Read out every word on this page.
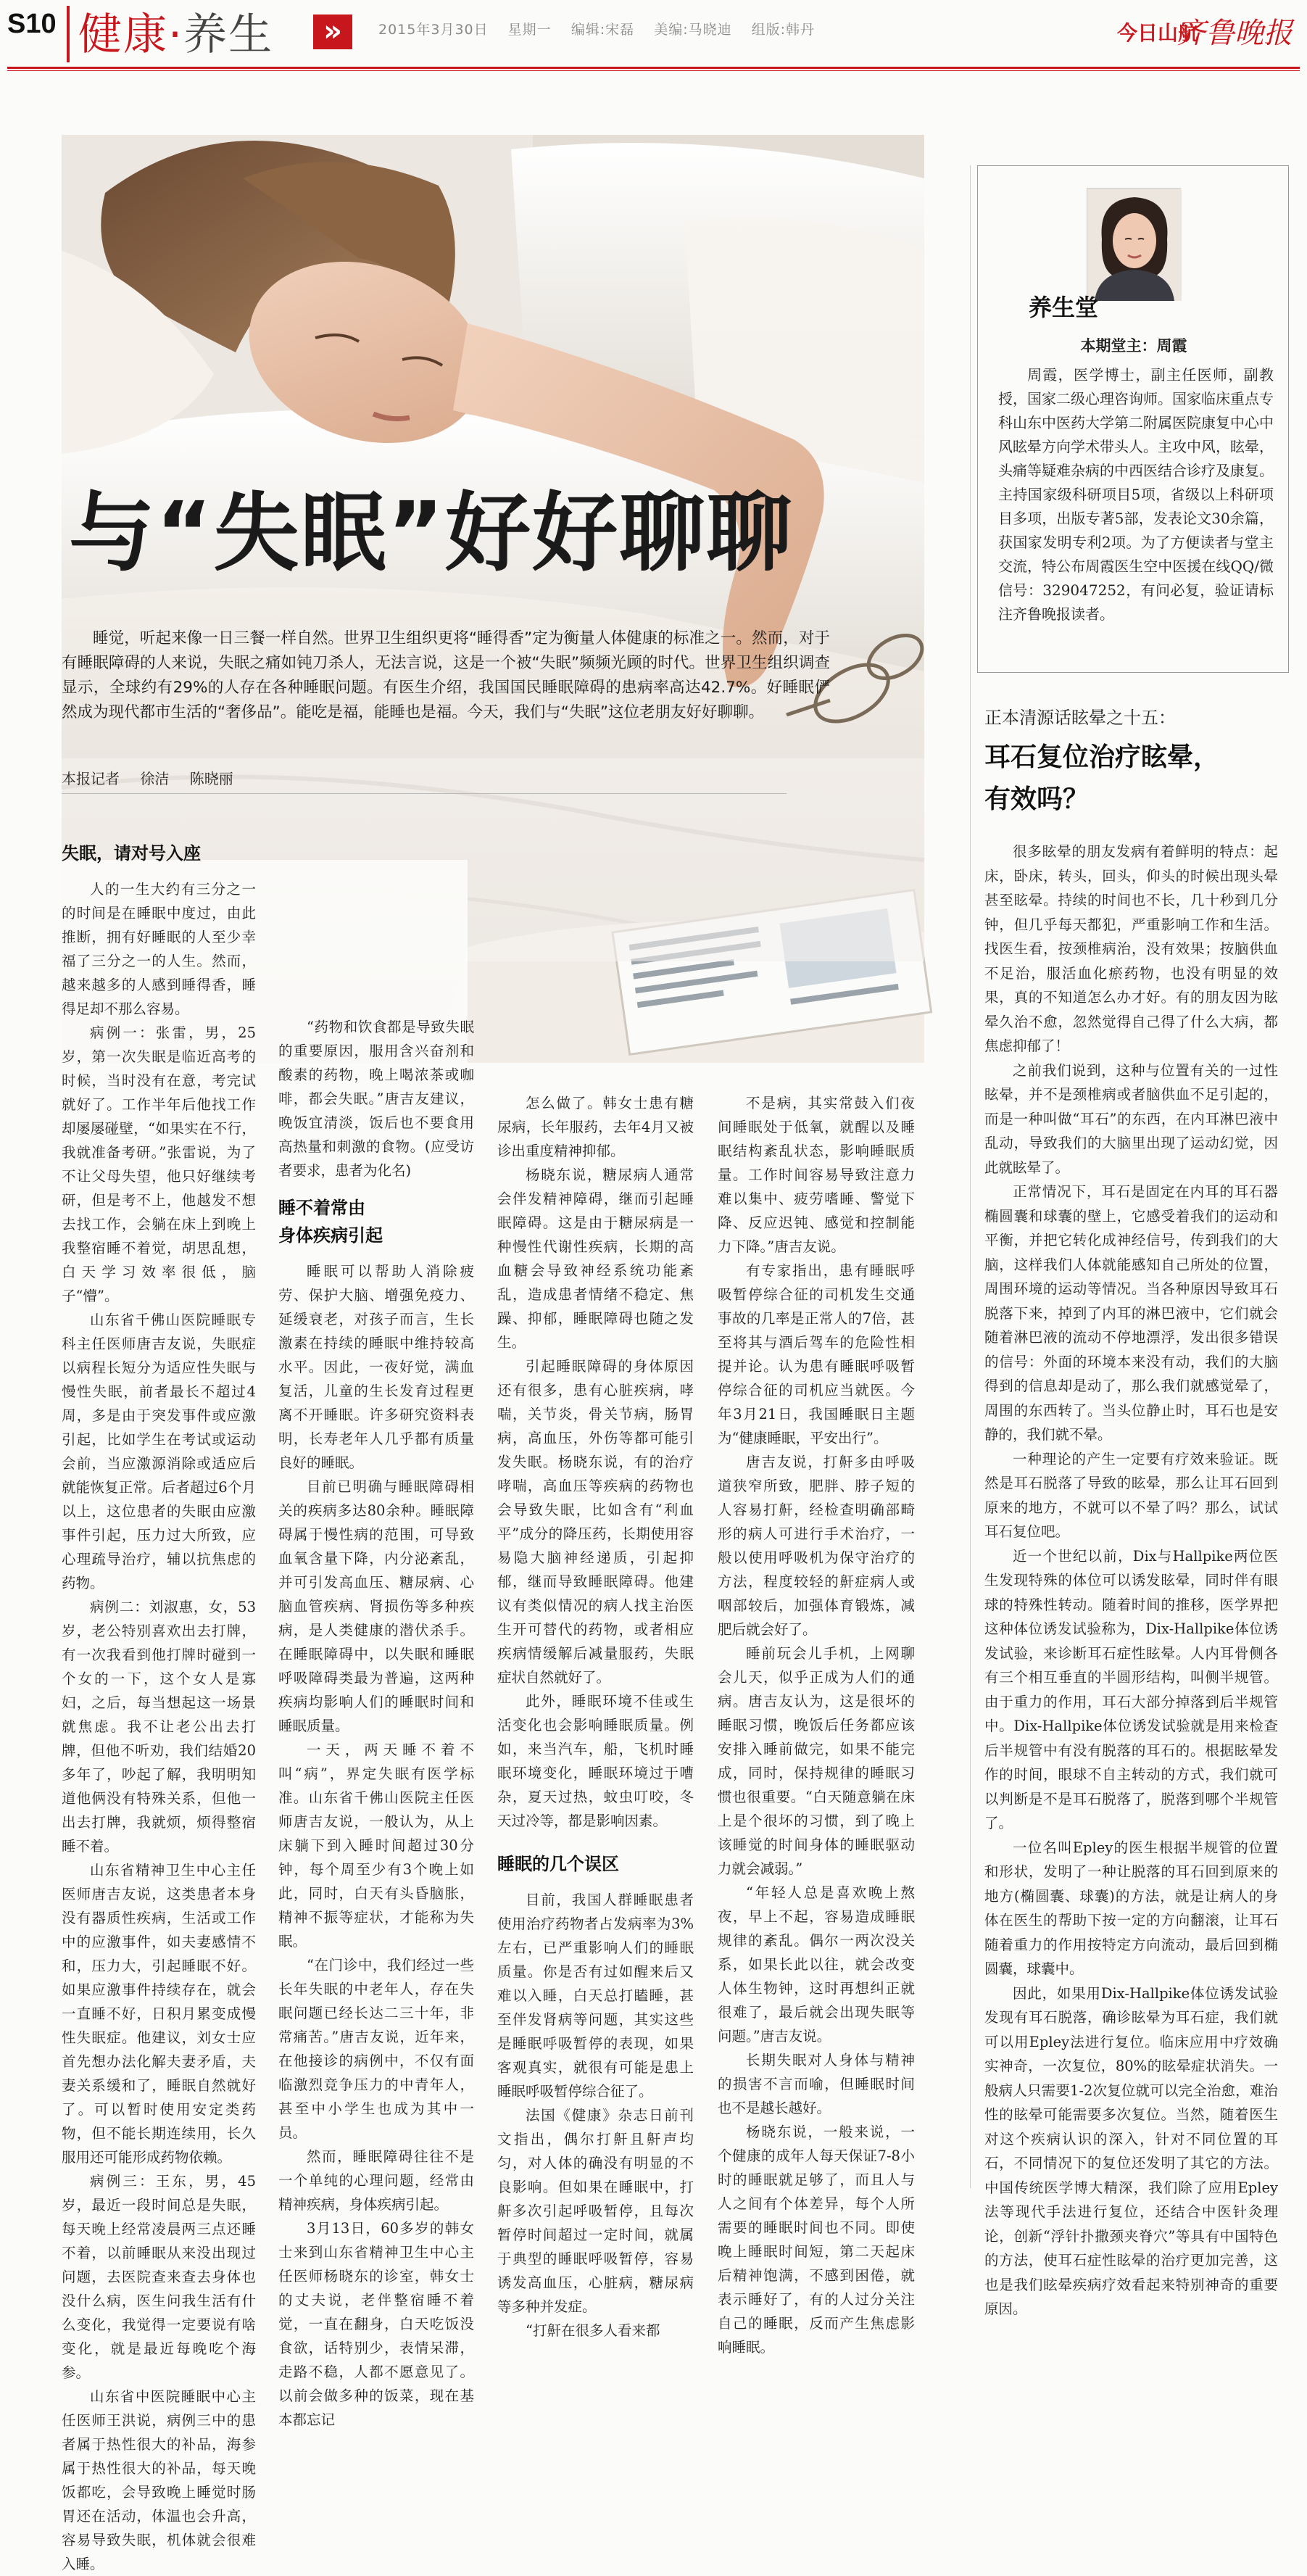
S10 健康·养生	»	2015年3月30日 星期一 编辑:宋磊 美编:马晓迪 组版:韩丹	今日山航
齐鲁晚报
与“失眠”好好聊聊
睡觉，听起来像一日三餐一样自然。世界卫生组织更将“睡得香”定为衡量人体健康的标准之一。然而，对于有睡眠障碍的人来说，失眠之痛如钝刀杀人，无法言说，这是一个被“失眠”频频光顾的时代。世界卫生组织调查显示，全球约有29%的人存在各种睡眠问题。有医生介绍，我国国民睡眠障碍的患病率高达42.7%。好睡眠俨然成为现代都市生活的“奢侈品”。能吃是福，能睡也是福。今天，我们与“失眠”这位老朋友好好聊聊。
本报记者 徐洁 陈晓丽
失眠，请对号入座

人的一生大约有三分之一的时间是在睡眠中度过，由此推断，拥有好睡眠的人至少幸福了三分之一的人生。然而，越来越多的人感到睡得香，睡得足却不那么容易。

病例一：张雷，男，25岁，第一次失眠是临近高考的时候，当时没有在意，考完试就好了。工作半年后他找工作却屡屡碰壁，“如果实在不行，我就准备考研。”张雷说，为了不让父母失望，他只好继续考研，但是考不上，他越发不想去找工作，会躺在床上到晚上我整宿睡不着觉，胡思乱想，白天学习效率很低，脑子“懵”。

山东省千佛山医院睡眠专科主任医师唐吉友说，失眠症以病程长短分为适应性失眠与慢性失眠，前者最长不超过4周，多是由于突发事件或应激引起，比如学生在考试或运动会前，当应激源消除或适应后就能恢复正常。后者超过6个月以上，这位患者的失眠由应激事件引起，压力过大所致，应心理疏导治疗，辅以抗焦虑的药物。

病例二：刘淑惠，女，53岁，老公特别喜欢出去打牌，有一次我看到他打牌时碰到一个女的一下，这个女人是寡妇，之后，每当想起这一场景就焦虑。我不让老公出去打牌，但他不听劝，我们结婚20多年了，吵起了解，我明明知道他俩没有特殊关系，但他一出去打牌，我就烦，烦得整宿睡不着。

山东省精神卫生中心主任医师唐吉友说，这类患者本身没有器质性疾病，生活或工作中的应激事件，如夫妻感情不和，压力大，引起睡眠不好。如果应激事件持续存在，就会一直睡不好，日积月累变成慢性失眠症。他建议，刘女士应首先想办法化解夫妻矛盾，夫妻关系缓和了，睡眠自然就好了。可以暂时使用安定类药物，但不能长期连续用，长久服用还可能形成药物依赖。

病例三：王东，男，45岁，最近一段时间总是失眠，每天晚上经常凌晨两三点还睡不着，以前睡眠从来没出现过问题，去医院查来查去身体也没什么病，医生问我生活有什么变化，我觉得一定要说有啥变化，就是最近每晚吃个海参。

山东省中医院睡眠中心主任医师王洪说，病例三中的患者属于热性很大的补品，海参属于热性很大的补品，每天晚饭都吃，会导致晚上睡觉时肠胃还在活动，体温也会升高，容易导致失眠，机体就会很难入睡。

“药物和饮食都是导致失眠的重要原因，服用含兴奋剂和酸素的药物，晚上喝浓茶或咖啡，都会失眠。”唐吉友建议，晚饭宜清淡，饭后也不要食用高热量和刺激的食物。(应受访者要求，患者为化名)

睡不着常由
身体疾病引起

睡眠可以帮助人消除疲劳、保护大脑、增强免疫力、延缓衰老，对孩子而言，生长激素在持续的睡眠中维持较高水平。因此，一夜好觉，满血复活，儿童的生长发育过程更离不开睡眠。许多研究资料表明，长寿老年人几乎都有质量良好的睡眠。

目前已明确与睡眠障碍相关的疾病多达80余种。睡眠障碍属于慢性病的范围，可导致血氧含量下降，内分泌紊乱，并可引发高血压、糖尿病、心脑血管疾病、肾损伤等多种疾病，是人类健康的潜伏杀手。在睡眠障碍中，以失眠和睡眠呼吸障碍类最为普遍，这两种疾病均影响人们的睡眠时间和睡眠质量。

一天，两天睡不着不叫“病”，界定失眠有医学标准。山东省千佛山医院主任医师唐吉友说，一般认为，从上床躺下到入睡时间超过30分钟，每个周至少有3个晚上如此，同时，白天有头昏脑胀，精神不振等症状，才能称为失眠。

“在门诊中，我们经过一些长年失眠的中老年人，存在失眠问题已经长达二三十年，非常痛苦。”唐吉友说，近年来，在他接诊的病例中，不仅有面临激烈竞争压力的中青年人，甚至中小学生也成为其中一员。

然而，睡眠障碍往往不是一个单纯的心理问题，经常由精神疾病，身体疾病引起。

3月13日，60多岁的韩女士来到山东省精神卫生中心主任医师杨晓东的诊室，韩女士的丈夫说，老伴整宿睡不着觉，一直在翻身，白天吃饭没食欲，话特别少，表情呆滞，走路不稳，人都不愿意见了。以前会做多种的饭菜，现在基本都忘记

怎么做了。韩女士患有糖尿病，长年服药，去年4月又被诊出重度精神抑郁。

杨晓东说，糖尿病人通常会伴发精神障碍，继而引起睡眠障碍。这是由于糖尿病是一种慢性代谢性疾病，长期的高血糖会导致神经系统功能紊乱，造成患者情绪不稳定、焦躁、抑郁，睡眠障碍也随之发生。

引起睡眠障碍的身体原因还有很多，患有心脏疾病，哮喘，关节炎，骨关节病，肠胃病，高血压，外伤等都可能引发失眠。杨晓东说，有的治疗哮喘，高血压等疾病的药物也会导致失眠，比如含有“利血平”成分的降压药，长期使用容易隐大脑神经递质，引起抑郁，继而导致睡眠障碍。他建议有类似情况的病人找主治医生开可替代的药物，或者相应疾病情缓解后减量服药，失眠症状自然就好了。

此外，睡眠环境不佳或生活变化也会影响睡眠质量。例如，来当汽车，船，飞机时睡眠环境变化，睡眠环境过于嘈杂，夏天过热，蚊虫叮咬，冬天过冷等，都是影响因素。

睡眠的几个误区

目前，我国人群睡眠患者使用治疗药物者占发病率为3%左右，已严重影响人们的睡眠质量。你是否有过如醒来后又难以入睡，白天总打瞌睡，甚至伴发肾病等问题，其实这些是睡眠呼吸暂停的表现，如果客观真实，就很有可能是患上睡眠呼吸暂停综合征了。

法国《健康》杂志日前刊文指出，偶尔打鼾且鼾声均匀，对人体的确没有明显的不良影响。但如果在睡眠中，打鼾多次引起呼吸暂停，且每次暂停时间超过一定时间，就属于典型的睡眠呼吸暂停，容易诱发高血压，心脏病，糖尿病等多种并发症。

“打鼾在很多人看来都

不是病，其实常鼓入们夜间睡眠处于低氧，就醒以及睡眠结构紊乱状态，影响睡眠质量。工作时间容易导致注意力难以集中、疲劳嗜睡、警觉下降、反应迟钝、感觉和控制能力下降。”唐吉友说。

有专家指出，患有睡眠呼吸暂停综合征的司机发生交通事故的几率是正常人的7倍，甚至将其与酒后驾车的危险性相提并论。认为患有睡眠呼吸暂停综合征的司机应当就医。今年3月21日，我国睡眠日主题为“健康睡眠，平安出行”。

唐吉友说，打鼾多由呼吸道狭窄所致，肥胖、脖子短的人容易打鼾，经检查明确部畸形的病人可进行手术治疗，一般以使用呼吸机为保守治疗的方法，程度较轻的鼾症病人或咽部较后，加强体育锻炼，减肥后就会好了。

睡前玩会儿手机，上网聊会儿天，似乎正成为人们的通病。唐吉友认为，这是很坏的睡眠习惯，晚饭后任务都应该安排入睡前做完，如果不能完成，同时，保持规律的睡眠习惯也很重要。“白天随意躺在床上是个很坏的习惯，到了晚上该睡觉的时间身体的睡眠驱动力就会减弱。”

“年轻人总是喜欢晚上熬夜，早上不起，容易造成睡眠规律的紊乱。偶尔一两次没关系，如果长此以往，就会改变人体生物钟，这时再想纠正就很难了，最后就会出现失眠等问题。”唐吉友说。

长期失眠对人身体与精神的损害不言而喻，但睡眠时间也不是越长越好。

杨晓东说，一般来说，一个健康的成年人每天保证7-8小时的睡眠就足够了，而且人与人之间有个体差异，每个人所需要的睡眠时间也不同。即使晚上睡眠时间短，第二天起床后精神饱满，不感到困倦，就表示睡好了，有的人过分关注自己的睡眠，反而产生焦虑影响睡眠。

养生堂
本期堂主：周霞
周霞，医学博士，副主任医师，副教授，国家二级心理咨询师。国家临床重点专科山东中医药大学第二附属医院康复中心中风眩晕方向学术带头人。主攻中风，眩晕，头痛等疑难杂病的中西医结合诊疗及康复。主持国家级科研项目5项，省级以上科研项目多项，出版专著5部，发表论文30余篇，获国家发明专利2项。为了方便读者与堂主交流，特公布周霞医生空中医援在线QQ/微信号：329047252，有问必复，验证请标注齐鲁晚报读者。
正本清源话眩晕之十五：
耳石复位治疗眩晕，
有效吗？

很多眩晕的朋友发病有着鲜明的特点：起床，卧床，转头，回头，仰头的时候出现头晕甚至眩晕。持续的时间也不长，几十秒到几分钟，但几乎每天都犯，严重影响工作和生活。找医生看，按颈椎病治，没有效果；按脑供血不足治，服活血化瘀药物，也没有明显的效果，真的不知道怎么办才好。有的朋友因为眩晕久治不愈，忽然觉得自己得了什么大病，都焦虑抑郁了！

之前我们说到，这种与位置有关的一过性眩晕，并不是颈椎病或者脑供血不足引起的，而是一种叫做“耳石”的东西，在内耳淋巴液中乱动，导致我们的大脑里出现了运动幻觉，因此就眩晕了。

正常情况下，耳石是固定在内耳的耳石器椭圆囊和球囊的壁上，它感受着我们的运动和平衡，并把它转化成神经信号，传到我们的大脑，这样我们人体就能感知自己所处的位置，周围环境的运动等情况。当各种原因导致耳石脱落下来，掉到了内耳的淋巴液中，它们就会随着淋巴液的流动不停地漂浮，发出很多错误的信号：外面的环境本来没有动，我们的大脑得到的信息却是动了，那么我们就感觉晕了，周围的东西转了。当头位静止时，耳石也是安静的，我们就不晕。

一种理论的产生一定要有疗效来验证。既然是耳石脱落了导致的眩晕，那么让耳石回到原来的地方，不就可以不晕了吗？那么，试试耳石复位吧。

近一个世纪以前，Dix与Hallpike两位医生发现特殊的体位可以诱发眩晕，同时伴有眼球的特殊性转动。随着时间的推移，医学界把这种体位诱发试验称为，Dix-Hallpike体位诱发试验，来诊断耳石症性眩晕。人内耳骨侧各有三个相互垂直的半圆形结构，叫侧半规管。由于重力的作用，耳石大部分掉落到后半规管中。Dix-Hallpike体位诱发试验就是用来检查后半规管中有没有脱落的耳石的。根据眩晕发作的时间，眼球不自主转动的方式，我们就可以判断是不是耳石脱落了，脱落到哪个半规管了。

一位名叫Epley的医生根据半规管的位置和形状，发明了一种让脱落的耳石回到原来的地方(椭圆囊、球囊)的方法，就是让病人的身体在医生的帮助下按一定的方向翻滚，让耳石随着重力的作用按特定方向流动，最后回到椭圆囊，球囊中。

因此，如果用Dix-Hallpike体位诱发试验发现有耳石脱落，确诊眩晕为耳石症，我们就可以用Epley法进行复位。临床应用中疗效确实神奇，一次复位，80%的眩晕症状消失。一般病人只需要1-2次复位就可以完全治愈，难治性的眩晕可能需要多次复位。当然，随着医生对这个疾病认识的深入，针对不同位置的耳石，不同情况下的复位还发明了其它的方法。中国传统医学博大精深，我们除了应用Epley法等现代手法进行复位，还结合中医针灸理论，创新“浮针扑撒颈夹脊穴”等具有中国特色的方法，使耳石症性眩晕的治疗更加完善，这也是我们眩晕疾病疗效看起来特别神奇的重要原因。
